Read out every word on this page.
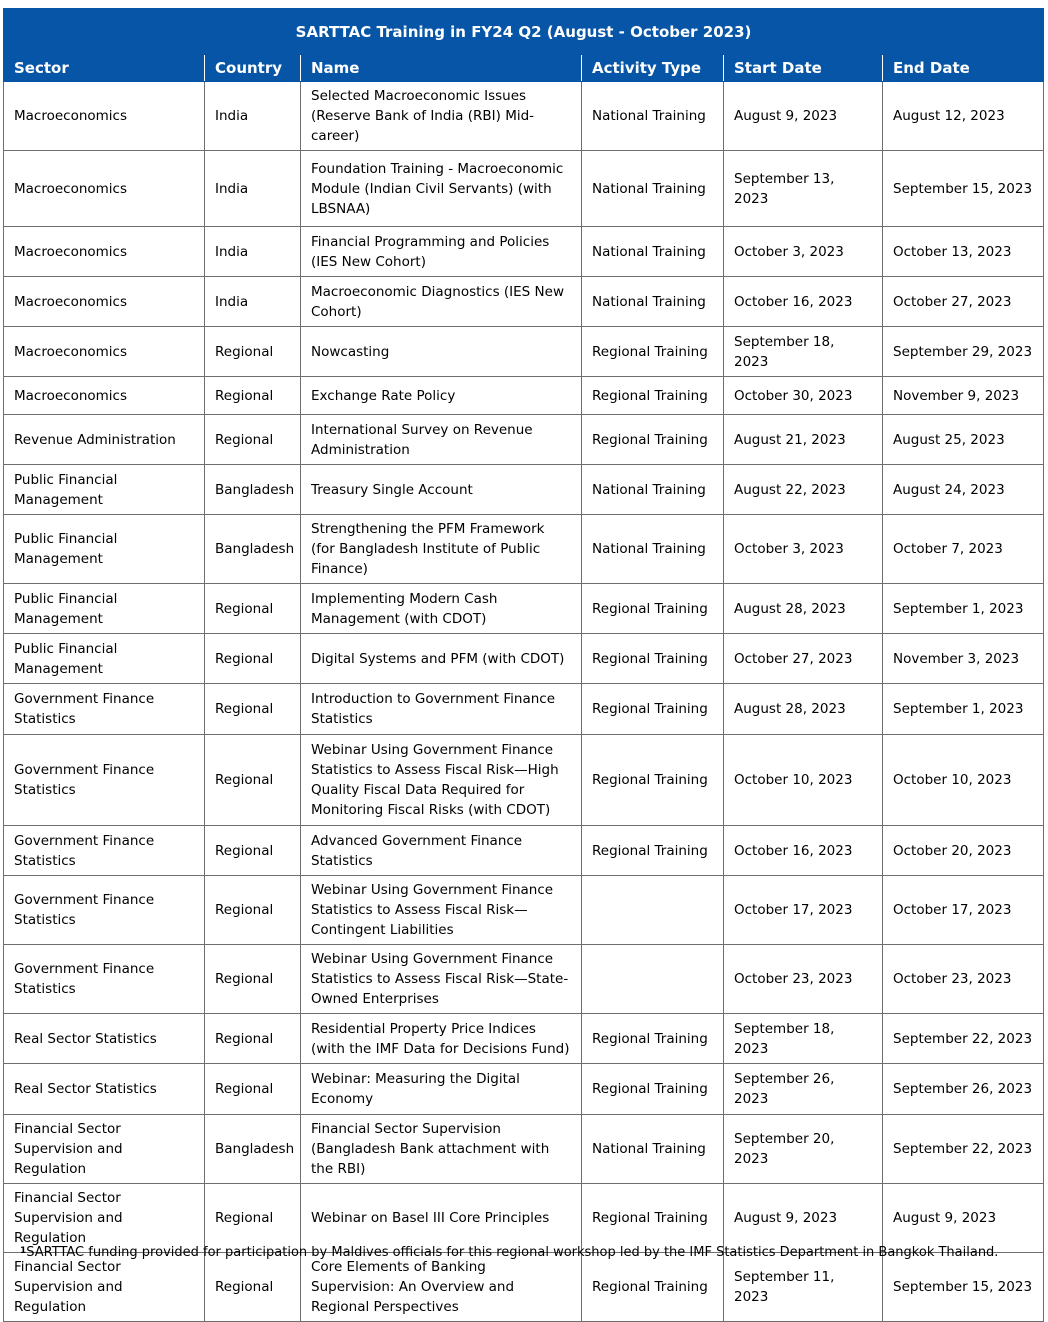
SARTTAC Training in FY24 Q2 (August - October 2023)					
Sector	Country	Name	Activity Type	Start Date	End Date
Macroeconomics	India	Selected Macroeconomic Issues (Reserve Bank of India (RBI) Mid-career)	National Training	August 9, 2023	August 12, 2023
Macroeconomics	India	Foundation Training - Macroeconomic Module (Indian Civil Servants) (with LBSNAA)	National Training	September 13, 2023	September 15, 2023
Macroeconomics	India	Financial Programming and Policies (IES New Cohort)	National Training	October 3, 2023	October 13, 2023
Macroeconomics	India	Macroeconomic Diagnostics (IES New Cohort)	National Training	October 16, 2023	October 27, 2023
Macroeconomics	Regional	Nowcasting	Regional Training	September 18, 2023	September 29, 2023
Macroeconomics	Regional	Exchange Rate Policy	Regional Training	October 30, 2023	November 9, 2023
Revenue Administration	Regional	International Survey on Revenue Administration	Regional Training	August 21, 2023	August 25, 2023
Public Financial Management	Bangladesh	Treasury Single Account	National Training	August 22, 2023	August 24, 2023
Public Financial Management	Bangladesh	Strengthening the PFM Framework (for Bangladesh Institute of Public Finance)	National Training	October 3, 2023	October 7, 2023
Public Financial Management	Regional	Implementing Modern Cash Management (with CDOT)	Regional Training	August 28, 2023	September 1, 2023
Public Financial Management	Regional	Digital Systems and PFM (with CDOT)	Regional Training	October 27, 2023	November 3, 2023
Government Finance Statistics	Regional	Introduction to Government Finance Statistics	Regional Training	August 28, 2023	September 1, 2023
Government Finance Statistics	Regional	Webinar Using Government Finance Statistics to Assess Fiscal Risk—High Quality Fiscal Data Required for Monitoring Fiscal Risks (with CDOT)	Regional Training	October 10, 2023	October 10, 2023
Government Finance Statistics	Regional	Advanced Government Finance Statistics	Regional Training	October 16, 2023	October 20, 2023
Government Finance Statistics	Regional	Webinar Using Government Finance Statistics to Assess Fiscal Risk—Contingent Liabilities		October 17, 2023	October 17, 2023
Government Finance Statistics	Regional	Webinar Using Government Finance Statistics to Assess Fiscal Risk—State-Owned Enterprises		October 23, 2023	October 23, 2023
Real Sector Statistics	Regional	Residential Property Price Indices (with the IMF Data for Decisions Fund)	Regional Training	September 18, 2023	September 22, 2023
Real Sector Statistics	Regional	Webinar: Measuring the Digital Economy	Regional Training	September 26, 2023	September 26, 2023
Financial Sector Supervision and Regulation	Bangladesh	Financial Sector Supervision (Bangladesh Bank attachment with the RBI)	National Training	September 20, 2023	September 22, 2023
Financial Sector Supervision and Regulation	Regional	Webinar on Basel III Core Principles	Regional Training	August 9, 2023	August 9, 2023
Financial Sector Supervision and Regulation	Regional	Core Elements of Banking Supervision: An Overview and Regional Perspectives	Regional Training	September 11, 2023	September 15, 2023
$^1$SARTTAC funding provided for participation by Maldives officials for this regional workshop led by the IMF Statistics Department in Bangkok Thailand.
